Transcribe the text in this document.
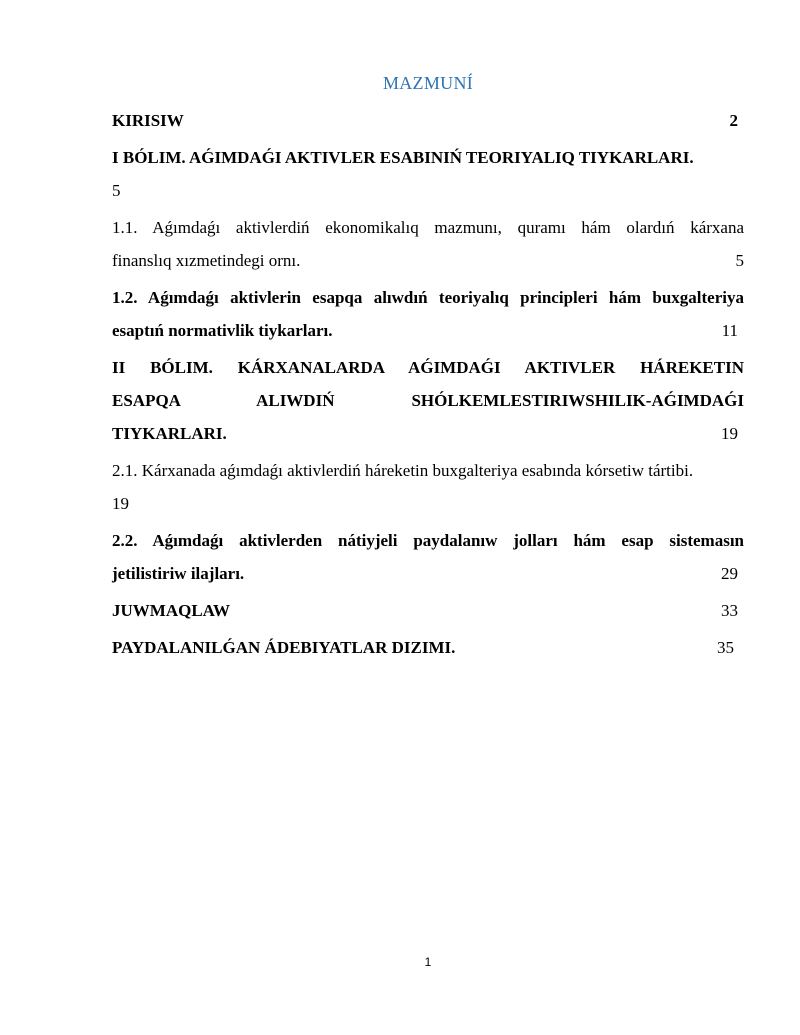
MAZMUNÍ
KIRISIW	2
I BÓLIM. AǴIMDAǴI AKTIVLER ESABINIŃ TEORIYALIQ TIYKARLARI.
5
1.1. Aǵımdaǵı aktivlerdiń ekonomikalıq mazmunı, quramı hám olardıń kárxana
finanslıq xızmetindegi ornı.	5
1.2. Aǵımdaǵı aktivlerin esapqa alıwdıń teoriyalıq principleri hám buxgalteriya
esaptıń normativlik tiykarları.	11
II BÓLIM. KÁRXANALARDA AǴIMDAǴI AKTIVLER HÁREKETIN
ESAPQA ALIWDIŃ SHÓLKEMLESTIRIWSHILIK-AǴIMDAǴI
TIYKARLARI.	19
2.1. Kárxanada aǵımdaǵı aktivlerdiń háreketin buxgalteriya esabında kórsetiw tártibi.
19
2.2. Aǵımdaǵı aktivlerden nátiyjeli paydalanıw jolları hám esap sistemasın
jetilistiriw ilajları.	29
JUWMAQLAW	33
PAYDALANILǴAN ÁDEBIYATLAR DIZIMI.	35
1
